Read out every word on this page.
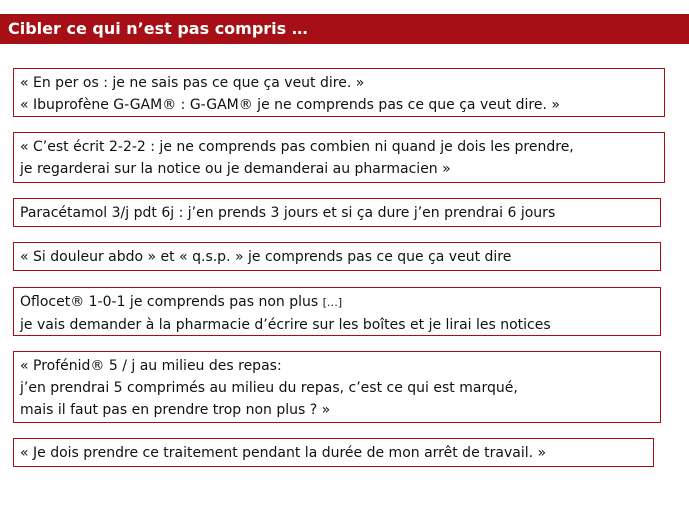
Cibler ce qui n’est pas compris …
« En per os : je ne sais pas ce que ça veut dire. »
« Ibuprofène G-GAM® : G-GAM® je ne comprends pas ce que ça veut dire. »
« C’est écrit 2-2-2 : je ne comprends pas combien ni quand je dois les prendre,
je regarderai sur la notice ou je demanderai au pharmacien »
Paracétamol 3/j pdt 6j : j’en prends 3 jours et si ça dure j’en prendrai 6 jours
« Si douleur abdo » et « q.s.p. » je comprends pas ce que ça veut dire
Oflocet® 1-0-1 je comprends pas non plus […]
je vais demander à la pharmacie d’écrire sur les boîtes et je lirai les notices
« Profénid® 5 / j au milieu des repas:
j’en prendrai 5 comprimés au milieu du repas, c’est ce qui est marqué,
mais il faut pas en prendre trop non plus ? »
« Je dois prendre ce traitement pendant la durée de mon arrêt de travail. »
